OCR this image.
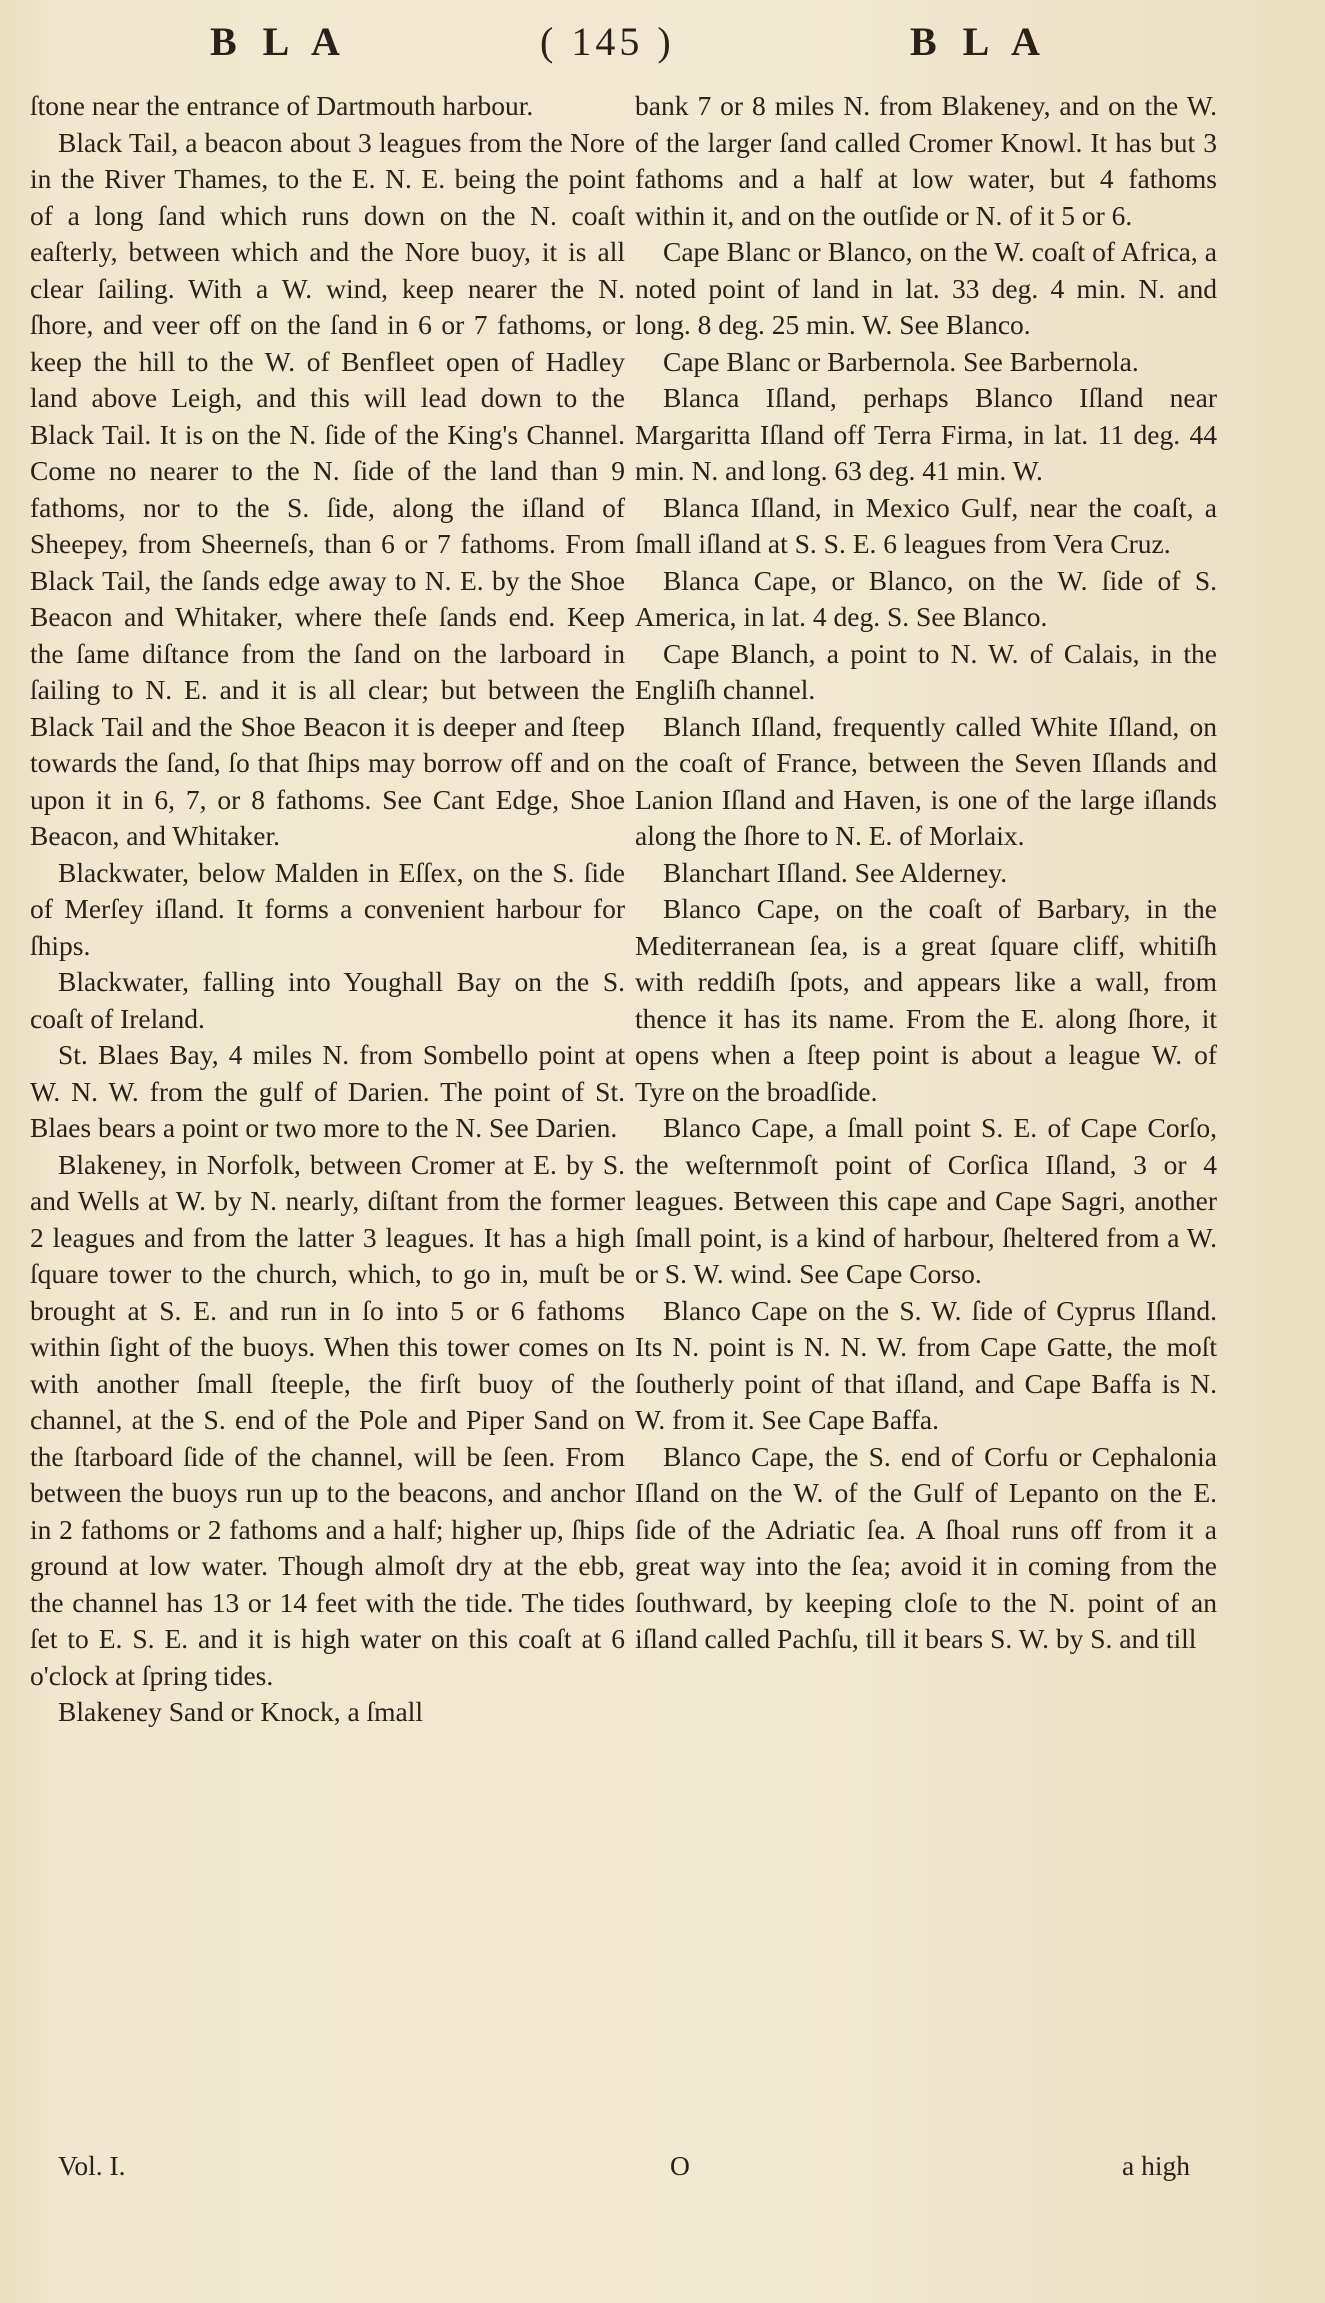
B L A	( 145 )	B L A

ſtone near the entrance of Dartmouth harbour.

Black Tail, a beacon about 3 leagues from the Nore in the River Thames, to the E. N. E. being the point of a long ſand which runs down on the N. coaſt eaſterly, between which and the Nore buoy, it is all clear ſailing. With a W. wind, keep nearer the N. ſhore, and veer off on the ſand in 6 or 7 fathoms, or keep the hill to the W. of Benfleet open of Hadley land above Leigh, and this will lead down to the Black Tail. It is on the N. ſide of the King's Channel. Come no nearer to the N. ſide of the land than 9 fathoms, nor to the S. ſide, along the iſland of Sheepey, from Sheerneſs, than 6 or 7 fathoms. From Black Tail, the ſands edge away to N. E. by the Shoe Beacon and Whitaker, where theſe ſands end. Keep the ſame diſtance from the ſand on the larboard in ſailing to N. E. and it is all clear; but between the Black Tail and the Shoe Beacon it is deeper and ſteep towards the ſand, ſo that ſhips may borrow off and on upon it in 6, 7, or 8 fathoms. See Cant Edge, Shoe Beacon, and Whitaker.

Blackwater, below Malden in Eſſex, on the S. ſide of Merſey iſland. It forms a convenient harbour for ſhips.

Blackwater, falling into Youghall Bay on the S. coaſt of Ireland.

St. Blaes Bay, 4 miles N. from Sombello point at W. N. W. from the gulf of Darien. The point of St. Blaes bears a point or two more to the N. See Darien.

Blakeney, in Norfolk, between Cromer at E. by S. and Wells at W. by N. nearly, diſtant from the former 2 leagues and from the latter 3 leagues. It has a high ſquare tower to the church, which, to go in, muſt be brought at S. E. and run in ſo into 5 or 6 fathoms within ſight of the buoys. When this tower comes on with another ſmall ſteeple, the firſt buoy of the channel, at the S. end of the Pole and Piper Sand on the ſtarboard ſide of the channel, will be ſeen. From between the buoys run up to the beacons, and anchor in 2 fathoms or 2 fathoms and a half; higher up, ſhips ground at low water. Though almoſt dry at the ebb, the channel has 13 or 14 feet with the tide. The tides ſet to E. S. E. and it is high water on this coaſt at 6 o'clock at ſpring tides.

Blakeney Sand or Knock, a ſmall

bank 7 or 8 miles N. from Blakeney, and on the W. of the larger ſand called Cromer Knowl. It has but 3 fathoms and a half at low water, but 4 fathoms within it, and on the outſide or N. of it 5 or 6.

Cape Blanc or Blanco, on the W. coaſt of Africa, a noted point of land in lat. 33 deg. 4 min. N. and long. 8 deg. 25 min. W. See Blanco.

Cape Blanc or Barbernola. See Barbernola.

Blanca Iſland, perhaps Blanco Iſland near Margaritta Iſland off Terra Firma, in lat. 11 deg. 44 min. N. and long. 63 deg. 41 min. W.

Blanca Iſland, in Mexico Gulf, near the coaſt, a ſmall iſland at S. S. E. 6 leagues from Vera Cruz.

Blanca Cape, or Blanco, on the W. ſide of S. America, in lat. 4 deg. S. See Blanco.

Cape Blanch, a point to N. W. of Calais, in the Engliſh channel.

Blanch Iſland, frequently called White Iſland, on the coaſt of France, between the Seven Iſlands and Lanion Iſland and Haven, is one of the large iſlands along the ſhore to N. E. of Morlaix.

Blanchart Iſland. See Alderney.

Blanco Cape, on the coaſt of Barbary, in the Mediterranean ſea, is a great ſquare cliff, whitiſh with reddiſh ſpots, and appears like a wall, from thence it has its name. From the E. along ſhore, it opens when a ſteep point is about a league W. of Tyre on the broadſide.

Blanco Cape, a ſmall point S. E. of Cape Corſo, the weſternmoſt point of Corſica Iſland, 3 or 4 leagues. Between this cape and Cape Sagri, another ſmall point, is a kind of harbour, ſheltered from a W. or S. W. wind. See Cape Corso.

Blanco Cape on the S. W. ſide of Cyprus Iſland. Its N. point is N. N. W. from Cape Gatte, the moſt ſoutherly point of that iſland, and Cape Baffa is N. W. from it. See Cape Baffa.

Blanco Cape, the S. end of Corfu or Cephalonia Iſland on the W. of the Gulf of Lepanto on the E. ſide of the Adriatic ſea. A ſhoal runs off from it a great way into the ſea; avoid it in coming from the ſouthward, by keeping cloſe to the N. point of an iſland called Pachſu, till it bears S. W. by S. and till

Vol. I.	O	a high
